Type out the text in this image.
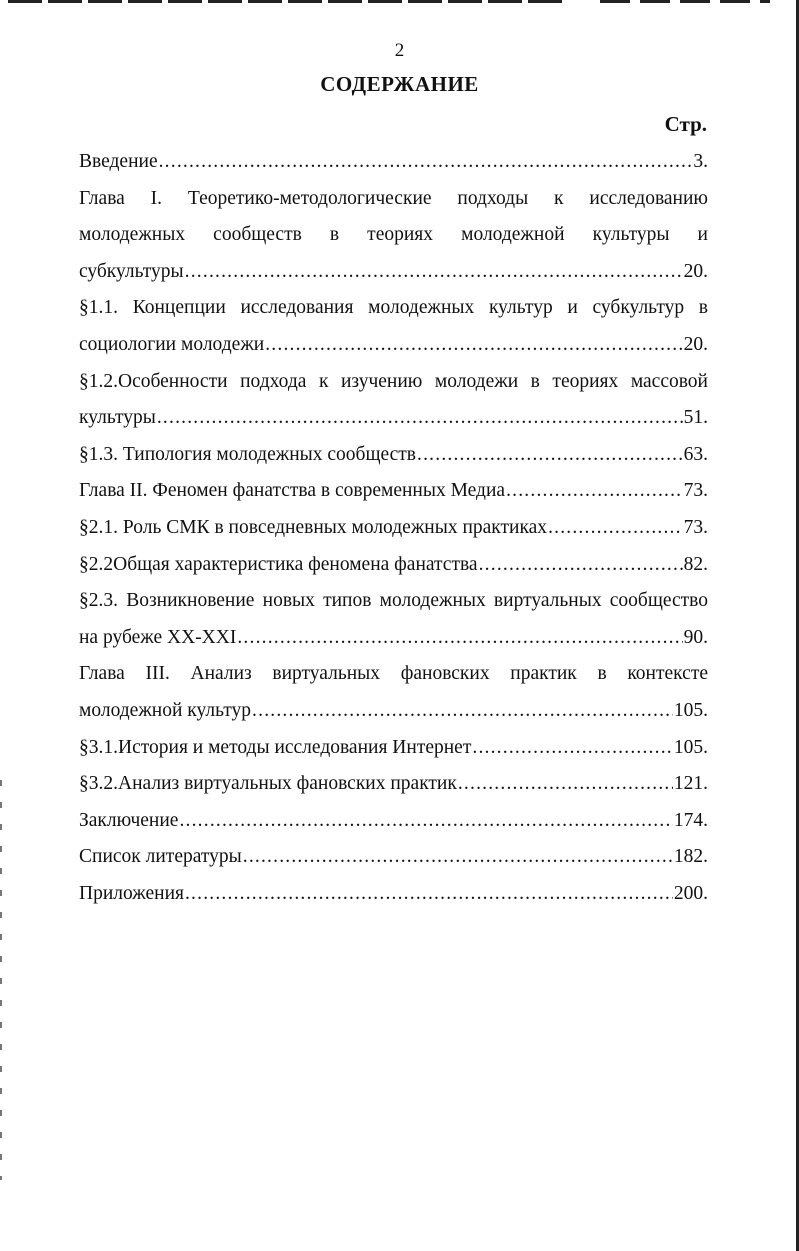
2
СОДЕРЖАНИЕ
Стр.
Введение .....	3.
Глава I. Теоретико-методологические подходы к исследованию
молодежных сообществ в теориях молодежной культуры и
субкультуры .....	20.
§1.1. Концепции исследования молодежных культур и субкультур в
социологии молодежи .....	20.
§1.2.Особенности подхода к изучению молодежи в теориях массовой
культуры .....	51.
§1.3. Типология молодежных сообществ .....	63.
Глава II. Феномен фанатства в современных Медиа .....	73.
§2.1. Роль СМК в повседневных молодежных практиках .....	73.
§2.2Общая характеристика феномена фанатства .....	82.
§2.3. Возникновение новых типов молодежных виртуальных сообщество
на рубеже XX-XXI .....	90.
Глава III. Анализ виртуальных фановских практик в контексте
молодежной культур .....	105.
§3.1.История и методы исследования Интернет .....	105.
§3.2.Анализ виртуальных фановских практик .....	121.
Заключение .....	174.
Список литературы .....	182.
Приложения .....	200.
